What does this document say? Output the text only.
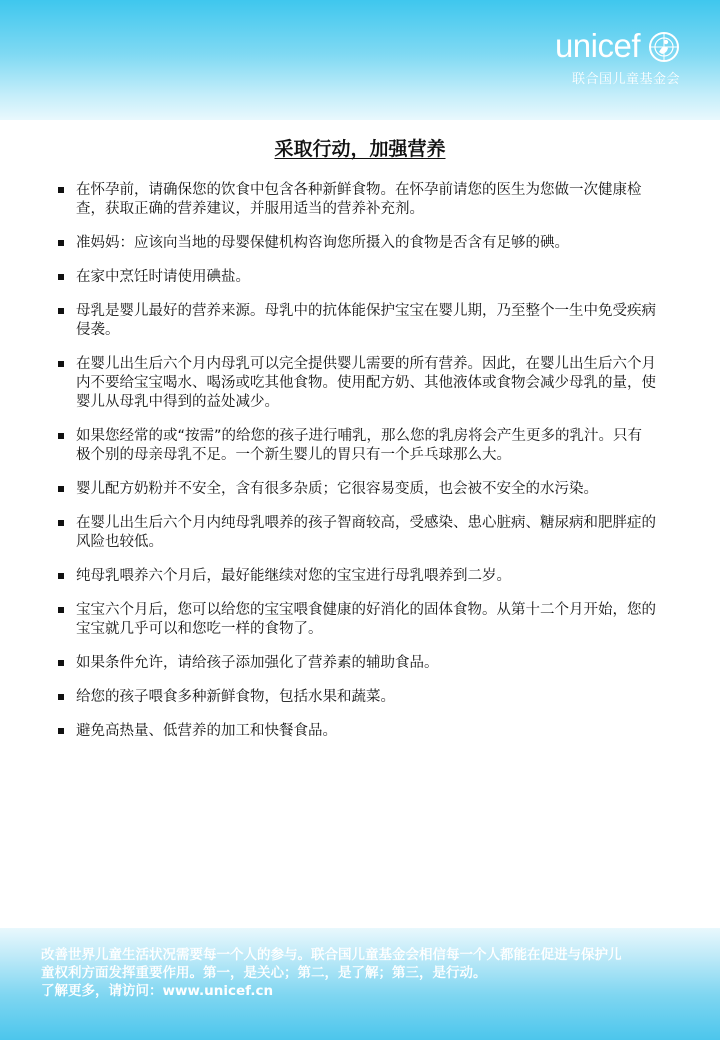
unicef
联合国儿童基金会
采取行动，加强营养
在怀孕前，请确保您的饮食中包含各种新鲜食物。在怀孕前请您的医生为您做一次健康检查，获取正确的营养建议，并服用适当的营养补充剂。
准妈妈：应该向当地的母婴保健机构咨询您所摄入的食物是否含有足够的碘。
在家中烹饪时请使用碘盐。
母乳是婴儿最好的营养来源。母乳中的抗体能保护宝宝在婴儿期，乃至整个一生中免受疾病侵袭。
在婴儿出生后六个月内母乳可以完全提供婴儿需要的所有营养。因此，在婴儿出生后六个月内不要给宝宝喝水、喝汤或吃其他食物。使用配方奶、其他液体或食物会减少母乳的量，使婴儿从母乳中得到的益处减少。
如果您经常的或“按需”的给您的孩子进行哺乳，那么您的乳房将会产生更多的乳汁。只有极个别的母亲母乳不足。一个新生婴儿的胃只有一个乒乓球那么大。
婴儿配方奶粉并不安全，含有很多杂质；它很容易变质，也会被不安全的水污染。
在婴儿出生后六个月内纯母乳喂养的孩子智商较高，受感染、患心脏病、糖尿病和肥胖症的风险也较低。
纯母乳喂养六个月后，最好能继续对您的宝宝进行母乳喂养到二岁。
宝宝六个月后，您可以给您的宝宝喂食健康的好消化的固体食物。从第十二个月开始，您的宝宝就几乎可以和您吃一样的食物了。
如果条件允许，请给孩子添加强化了营养素的辅助食品。
给您的孩子喂食多种新鲜食物，包括水果和蔬菜。
避免高热量、低营养的加工和快餐食品。
改善世界儿童生活状况需要每一个人的参与。联合国儿童基金会相信每一个人都能在促进与保护儿
童权利方面发挥重要作用。第一，是关心；第二，是了解；第三，是行动。
了解更多，请访问：www.unicef.cn
